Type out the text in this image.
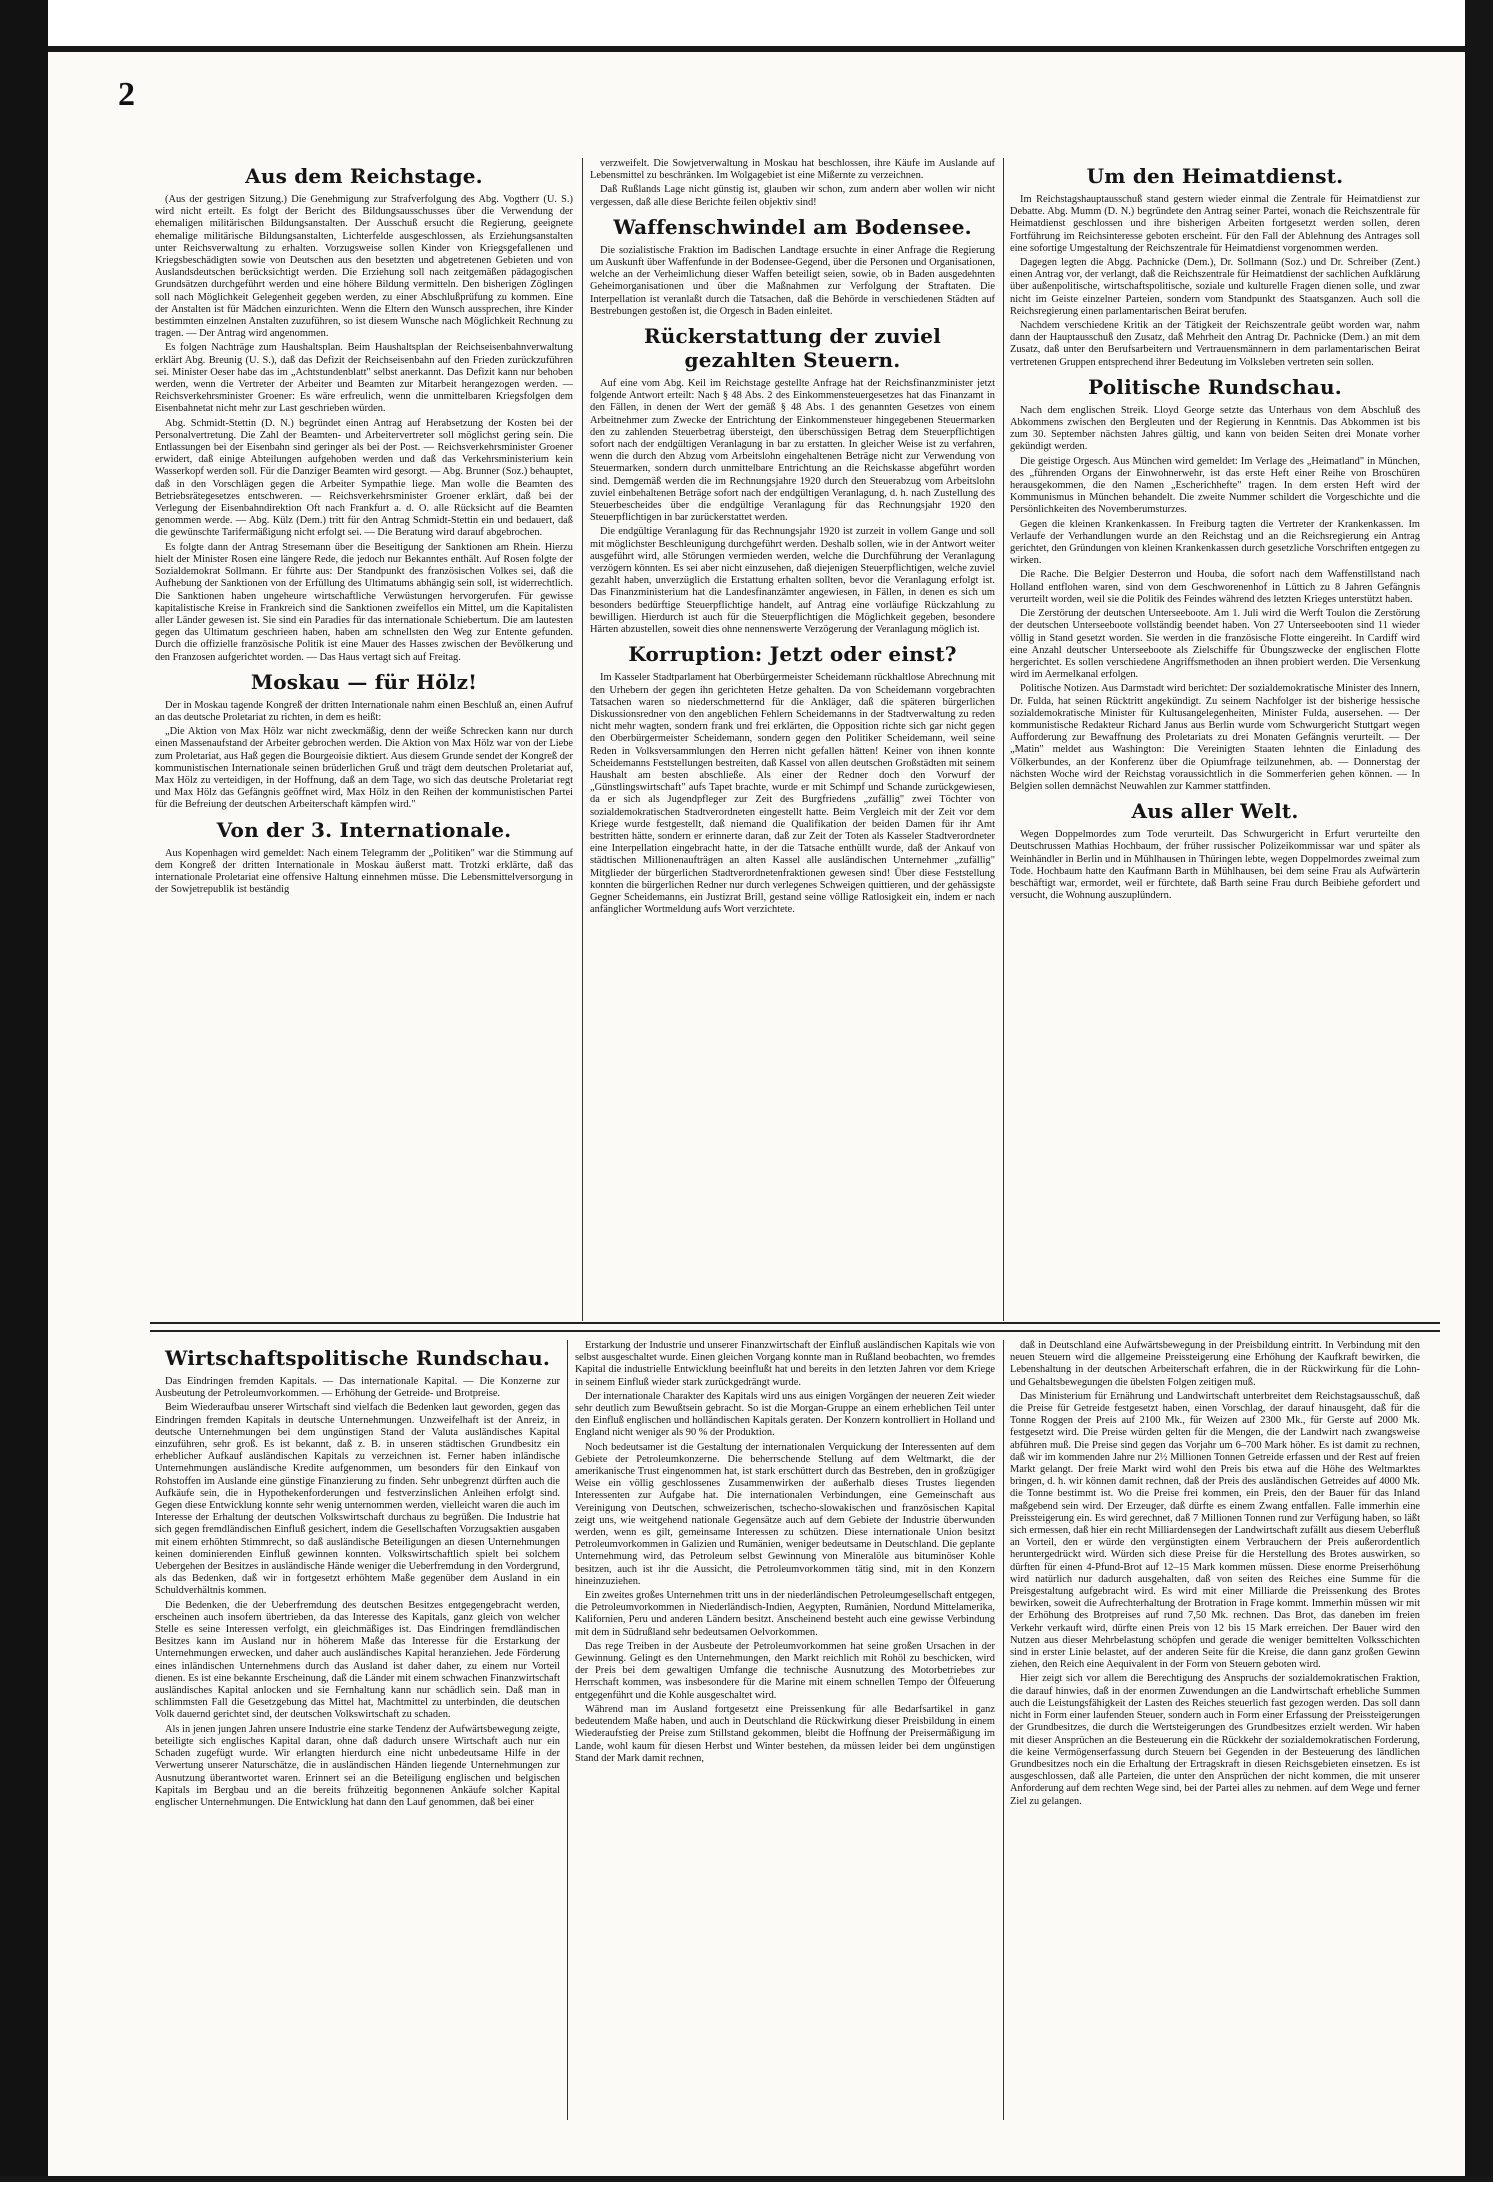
2
Aus dem Reichstage.

(Aus der gestrigen Sitzung.) Die Genehmigung zur Strafverfolgung des Abg. Vogtherr (U. S.) wird nicht erteilt. Es folgt der Bericht des Bildungsausschusses über die Verwendung der ehemaligen militärischen Bildungsanstalten. Der Ausschuß ersucht die Regierung, geeignete ehemalige militärische Bildungsanstalten, Lichterfelde ausgeschlossen, als Erziehungsanstalten unter Reichsverwaltung zu erhalten. Vorzugsweise sollen Kinder von Kriegsgefallenen und Kriegsbeschädigten sowie von Deutschen aus den besetzten und abgetretenen Gebieten und von Auslandsdeutschen berücksichtigt werden. Die Erziehung soll nach zeitgemäßen pädagogischen Grundsätzen durchgeführt werden und eine höhere Bildung vermitteln. Den bisherigen Zöglingen soll nach Möglichkeit Gelegenheit gegeben werden, zu einer Abschlußprüfung zu kommen. Eine der Anstalten ist für Mädchen einzurichten. Wenn die Eltern den Wunsch aussprechen, ihre Kinder bestimmten einzelnen Anstalten zuzuführen, so ist diesem Wunsche nach Möglichkeit Rechnung zu tragen. — Der Antrag wird angenommen.

Es folgen Nachträge zum Haushaltsplan. Beim Haushaltsplan der Reichseisenbahnverwaltung erklärt Abg. Breunig (U. S.), daß das Defizit der Reichseisenbahn auf den Frieden zurückzuführen sei. Minister Oeser habe das im „Achtstundenblatt" selbst anerkannt. Das Defizit kann nur behoben werden, wenn die Vertreter der Arbeiter und Beamten zur Mitarbeit herangezogen werden. — Reichsverkehrsminister Groener: Es wäre erfreulich, wenn die unmittelbaren Kriegsfolgen dem Eisenbahnetat nicht mehr zur Last geschrieben würden.

Abg. Schmidt-Stettin (D. N.) begründet einen Antrag auf Herabsetzung der Kosten bei der Personalvertretung. Die Zahl der Beamten- und Arbeitervertreter soll möglichst gering sein. Die Entlassungen bei der Eisenbahn sind geringer als bei der Post. — Reichsverkehrsminister Groener erwidert, daß einige Abteilungen aufgehoben werden und daß das Verkehrsministerium kein Wasserkopf werden soll. Für die Danziger Beamten wird gesorgt. — Abg. Brunner (Soz.) behauptet, daß in den Vorschlägen gegen die Arbeiter Sympathie liege. Man wolle die Beamten des Betriebsrätegesetzes entschweren. — Reichsverkehrsminister Groener erklärt, daß bei der Verlegung der Eisenbahndirektion Oft nach Frankfurt a. d. O. alle Rücksicht auf die Beamten genommen werde. — Abg. Külz (Dem.) tritt für den Antrag Schmidt-Stettin ein und bedauert, daß die gewünschte Tarifermäßigung nicht erfolgt sei. — Die Beratung wird darauf abgebrochen.

Es folgte dann der Antrag Stresemann über die Beseitigung der Sanktionen am Rhein. Hierzu hielt der Minister Rosen eine längere Rede, die jedoch nur Bekanntes enthält. Auf Rosen folgte der Sozialdemokrat Sollmann. Er führte aus: Der Standpunkt des französischen Volkes sei, daß die Aufhebung der Sanktionen von der Erfüllung des Ultimatums abhängig sein soll, ist widerrechtlich. Die Sanktionen haben ungeheure wirtschaftliche Verwüstungen hervorgerufen. Für gewisse kapitalistische Kreise in Frankreich sind die Sanktionen zweifellos ein Mittel, um die Kapitalisten aller Länder gewesen ist. Sie sind ein Paradies für das internationale Schiebertum. Die am lautesten gegen das Ultimatum geschrieen haben, haben am schnellsten den Weg zur Entente gefunden. Durch die offizielle französische Politik ist eine Mauer des Hasses zwischen der Bevölkerung und den Franzosen aufgerichtet worden. — Das Haus vertagt sich auf Freitag.

Moskau — für Hölz!

Der in Moskau tagende Kongreß der dritten Internationale nahm einen Beschluß an, einen Aufruf an das deutsche Proletariat zu richten, in dem es heißt:

„Die Aktion von Max Hölz war nicht zweckmäßig, denn der weiße Schrecken kann nur durch einen Massenaufstand der Arbeiter gebrochen werden. Die Aktion von Max Hölz war von der Liebe zum Proletariat, aus Haß gegen die Bourgeoisie diktiert. Aus diesem Grunde sendet der Kongreß der kommunistischen Internationale seinen brüderlichen Gruß und trägt dem deutschen Proletariat auf, Max Hölz zu verteidigen, in der Hoffnung, daß an dem Tage, wo sich das deutsche Proletariat regt und Max Hölz das Gefängnis geöffnet wird, Max Hölz in den Reihen der kommunistischen Partei für die Befreiung der deutschen Arbeiterschaft kämpfen wird."

Von der 3. Internationale.

Aus Kopenhagen wird gemeldet: Nach einem Telegramm der „Politiken" war die Stimmung auf dem Kongreß der dritten Internationale in Moskau äußerst matt. Trotzki erklärte, daß das internationale Proletariat eine offensive Haltung einnehmen müsse. Die Lebensmittelversorgung in der Sowjetrepublik ist beständig

verzweifelt. Die Sowjetverwaltung in Moskau hat beschlossen, ihre Käufe im Auslande auf Lebensmittel zu beschränken. Im Wolgagebiet ist eine Mißernte zu verzeichnen.

Daß Rußlands Lage nicht günstig ist, glauben wir schon, zum andern aber wollen wir nicht vergessen, daß alle diese Berichte feilen objektiv sind!

Waffenschwindel am Bodensee.

Die sozialistische Fraktion im Badischen Landtage ersuchte in einer Anfrage die Regierung um Auskunft über Waffenfunde in der Bodensee-Gegend, über die Personen und Organisationen, welche an der Verheimlichung dieser Waffen beteiligt seien, sowie, ob in Baden ausgedehnten Geheimorganisationen und über die Maßnahmen zur Verfolgung der Straftaten. Die Interpellation ist veranlaßt durch die Tatsachen, daß die Behörde in verschiedenen Städten auf Bestrebungen gestoßen ist, die Orgesch in Baden einleitet.

Rückerstattung der zuviel gezahlten Steuern.

Auf eine vom Abg. Keil im Reichstage gestellte Anfrage hat der Reichsfinanzminister jetzt folgende Antwort erteilt: Nach § 48 Abs. 2 des Einkommensteuergesetzes hat das Finanzamt in den Fällen, in denen der Wert der gemäß § 48 Abs. 1 des genannten Gesetzes von einem Arbeitnehmer zum Zwecke der Entrichtung der Einkommensteuer hingegebenen Steuermarken den zu zahlenden Steuerbetrag übersteigt, den überschüssigen Betrag dem Steuerpflichtigen sofort nach der endgültigen Veranlagung in bar zu erstatten. In gleicher Weise ist zu verfahren, wenn die durch den Abzug vom Arbeitslohn eingehaltenen Beträge nicht zur Verwendung von Steuermarken, sondern durch unmittelbare Entrichtung an die Reichskasse abgeführt worden sind. Demgemäß werden die im Rechnungsjahre 1920 durch den Steuerabzug vom Arbeitslohn zuviel einbehaltenen Beträge sofort nach der endgültigen Veranlagung, d. h. nach Zustellung des Steuerbescheides über die endgültige Veranlagung für das Rechnungsjahr 1920 den Steuerpflichtigen in bar zurückerstattet werden.

Die endgültige Veranlagung für das Rechnungsjahr 1920 ist zurzeit in vollem Gange und soll mit möglichster Beschleunigung durchgeführt werden. Deshalb sollen, wie in der Antwort weiter ausgeführt wird, alle Störungen vermieden werden, welche die Durchführung der Veranlagung verzögern könnten. Es sei aber nicht einzusehen, daß diejenigen Steuerpflichtigen, welche zuviel gezahlt haben, unverzüglich die Erstattung erhalten sollten, bevor die Veranlagung erfolgt ist. Das Finanzministerium hat die Landesfinanzämter angewiesen, in Fällen, in denen es sich um besonders bedürftige Steuerpflichtige handelt, auf Antrag eine vorläufige Rückzahlung zu bewilligen. Hierdurch ist auch für die Steuerpflichtigen die Möglichkeit gegeben, besondere Härten abzustellen, soweit dies ohne nennenswerte Verzögerung der Veranlagung möglich ist.

Korruption: Jetzt oder einst?

Im Kasseler Stadtparlament hat Oberbürgermeister Scheidemann rückhaltlose Abrechnung mit den Urhebern der gegen ihn gerichteten Hetze gehalten. Da von Scheidemann vorgebrachten Tatsachen waren so niederschmetternd für die Ankläger, daß die späteren bürgerlichen Diskussionsredner von den angeblichen Fehlern Scheidemanns in der Stadtverwaltung zu reden nicht mehr wagten, sondern frank und frei erklärten, die Opposition richte sich gar nicht gegen den Oberbürgermeister Scheidemann, sondern gegen den Politiker Scheidemann, weil seine Reden in Volksversammlungen den Herren nicht gefallen hätten! Keiner von ihnen konnte Scheidemanns Feststellungen bestreiten, daß Kassel von allen deutschen Großstädten mit seinem Haushalt am besten abschließe. Als einer der Redner doch den Vorwurf der „Günstlingswirtschaft" aufs Tapet brachte, wurde er mit Schimpf und Schande zurückgewiesen, da er sich als Jugendpfleger zur Zeit des Burgfriedens „zufällig" zwei Töchter von sozialdemokratischen Stadtverordneten eingestellt hatte. Beim Vergleich mit der Zeit vor dem Kriege wurde festgestellt, daß niemand die Qualifikation der beiden Damen für ihr Amt bestritten hätte, sondern er erinnerte daran, daß zur Zeit der Toten als Kasseler Stadtverordneter eine Interpellation eingebracht hatte, in der die Tatsache enthüllt wurde, daß der Ankauf von städtischen Millionenaufträgen an alten Kassel alle ausländischen Unternehmer „zufällig" Mitglieder der bürgerlichen Stadtverordnetenfraktionen gewesen sind! Über diese Feststellung konnten die bürgerlichen Redner nur durch verlegenes Schweigen quittieren, und der gehässigste Gegner Scheidemanns, ein Justizrat Brill, gestand seine völlige Ratlosigkeit ein, indem er nach anfänglicher Wortmeldung aufs Wort verzichtete.

Um den Heimatdienst.

Im Reichstagshauptausschuß stand gestern wieder einmal die Zentrale für Heimatdienst zur Debatte. Abg. Mumm (D. N.) begründete den Antrag seiner Partei, wonach die Reichszentrale für Heimatdienst geschlossen und ihre bisherigen Arbeiten fortgesetzt werden sollen, deren Fortführung im Reichsinteresse geboten erscheint. Für den Fall der Ablehnung des Antrages soll eine sofortige Umgestaltung der Reichszentrale für Heimatdienst vorgenommen werden.

Dagegen legten die Abgg. Pachnicke (Dem.), Dr. Sollmann (Soz.) und Dr. Schreiber (Zent.) einen Antrag vor, der verlangt, daß die Reichszentrale für Heimatdienst der sachlichen Aufklärung über außenpolitische, wirtschaftspolitische, soziale und kulturelle Fragen dienen solle, und zwar nicht im Geiste einzelner Parteien, sondern vom Standpunkt des Staatsganzen. Auch soll die Reichsregierung einen parlamentarischen Beirat berufen.

Nachdem verschiedene Kritik an der Tätigkeit der Reichszentrale geübt worden war, nahm dann der Hauptausschuß den Zusatz, daß Mehrheit den Antrag Dr. Pachnicke (Dem.) an mit dem Zusatz, daß unter den Berufsarbeitern und Vertrauensmännern in dem parlamentarischen Beirat vertretenen Gruppen entsprechend ihrer Bedeutung im Volksleben vertreten sein sollen.

Politische Rundschau.

Nach dem englischen Streik. Lloyd George setzte das Unterhaus von dem Abschluß des Abkommens zwischen den Bergleuten und der Regierung in Kenntnis. Das Abkommen ist bis zum 30. September nächsten Jahres gültig, und kann von beiden Seiten drei Monate vorher gekündigt werden.

Die geistige Orgesch. Aus München wird gemeldet: Im Verlage des „Heimatland" in München, des „führenden Organs der Einwohnerwehr, ist das erste Heft einer Reihe von Broschüren herausgekommen, die den Namen „Escherichhefte" tragen. In dem ersten Heft wird der Kommunismus in München behandelt. Die zweite Nummer schildert die Vorgeschichte und die Persönlichkeiten des Novemberumsturzes.

Gegen die kleinen Krankenkassen. In Freiburg tagten die Vertreter der Krankenkassen. Im Verlaufe der Verhandlungen wurde an den Reichstag und an die Reichsregierung ein Antrag gerichtet, den Gründungen von kleinen Krankenkassen durch gesetzliche Vorschriften entgegen zu wirken.

Die Rache. Die Belgier Desterron und Houba, die sofort nach dem Waffenstillstand nach Holland entflohen waren, sind von dem Geschworenenhof in Lüttich zu 8 Jahren Gefängnis verurteilt worden, weil sie die Politik des Feindes während des letzten Krieges unterstützt haben.

Die Zerstörung der deutschen Unterseeboote. Am 1. Juli wird die Werft Toulon die Zerstörung der deutschen Unterseeboote vollständig beendet haben. Von 27 Unterseebooten sind 11 wieder völlig in Stand gesetzt worden. Sie werden in die französische Flotte eingereiht. In Cardiff wird eine Anzahl deutscher Unterseeboote als Zielschiffe für Übungszwecke der englischen Flotte hergerichtet. Es sollen verschiedene Angriffsmethoden an ihnen probiert werden. Die Versenkung wird im Aermelkanal erfolgen.

Politische Notizen. Aus Darmstadt wird berichtet: Der sozialdemokratische Minister des Innern, Dr. Fulda, hat seinen Rücktritt angekündigt. Zu seinem Nachfolger ist der bisherige hessische sozialdemokratische Minister für Kultusangelegenheiten, Minister Fulda, ausersehen. — Der kommunistische Redakteur Richard Janus aus Berlin wurde vom Schwurgericht Stuttgart wegen Aufforderung zur Bewaffnung des Proletariats zu drei Monaten Gefängnis verurteilt. — Der „Matin" meldet aus Washington: Die Vereinigten Staaten lehnten die Einladung des Völkerbundes, an der Konferenz über die Opiumfrage teilzunehmen, ab. — Donnerstag der nächsten Woche wird der Reichstag voraussichtlich in die Sommerferien gehen können. — In Belgien sollen demnächst Neuwahlen zur Kammer stattfinden.

Aus aller Welt.

Wegen Doppelmordes zum Tode verurteilt. Das Schwurgericht in Erfurt verurteilte den Deutschrussen Mathias Hochbaum, der früher russischer Polizeikommissar war und später als Weinhändler in Berlin und in Mühlhausen in Thüringen lebte, wegen Doppelmordes zweimal zum Tode. Hochbaum hatte den Kaufmann Barth in Mühlhausen, bei dem seine Frau als Aufwärterin beschäftigt war, ermordet, weil er fürchtete, daß Barth seine Frau durch Beibiehe gefordert und versucht, die Wohnung auszuplündern.

Wirtschaftspolitische Rundschau.

Das Eindringen fremden Kapitals. — Das internationale Kapital. — Die Konzerne zur Ausbeutung der Petroleumvorkommen. — Erhöhung der Getreide- und Brotpreise.

Beim Wiederaufbau unserer Wirtschaft sind vielfach die Bedenken laut geworden, gegen das Eindringen fremden Kapitals in deutsche Unternehmungen. Unzweifelhaft ist der Anreiz, in deutsche Unternehmungen bei dem ungünstigen Stand der Valuta ausländisches Kapital einzuführen, sehr groß. Es ist bekannt, daß z. B. in unseren städtischen Grundbesitz ein erheblicher Aufkauf ausländischen Kapitals zu verzeichnen ist. Ferner haben inländische Unternehmungen ausländische Kredite aufgenommen, um besonders für den Einkauf von Rohstoffen im Auslande eine günstige Finanzierung zu finden. Sehr unbegrenzt dürften auch die Aufkäufe sein, die in Hypothekenforderungen und festverzinslichen Anleihen erfolgt sind. Gegen diese Entwicklung konnte sehr wenig unternommen werden, vielleicht waren die auch im Interesse der Erhaltung der deutschen Volkswirtschaft durchaus zu begrüßen. Die Industrie hat sich gegen fremdländischen Einfluß gesichert, indem die Gesellschaften Vorzugsaktien ausgaben mit einem erhöhten Stimmrecht, so daß ausländische Beteiligungen an diesen Unternehmungen keinen dominierenden Einfluß gewinnen konnten. Volkswirtschaftlich spielt bei solchem Uebergehen der Besitzes in ausländische Hände weniger die Ueberfremdung in den Vordergrund, als das Bedenken, daß wir in fortgesetzt erhöhtem Maße gegenüber dem Ausland in ein Schuldverhältnis kommen.

Die Bedenken, die der Ueberfremdung des deutschen Besitzes entgegengebracht werden, erscheinen auch insofern übertrieben, da das Interesse des Kapitals, ganz gleich von welcher Stelle es seine Interessen verfolgt, ein gleichmäßiges ist. Das Eindringen fremdländischen Besitzes kann im Ausland nur in höherem Maße das Interesse für die Erstarkung der Unternehmungen erwecken, und daher auch ausländisches Kapital heranziehen. Jede Förderung eines inländischen Unternehmens durch das Ausland ist daher daher, zu einem nur Vorteil dienen. Es ist eine bekannte Erscheinung, daß die Länder mit einem schwachen Finanzwirtschaft ausländisches Kapital anlocken und sie Fernhaltung kann nur schädlich sein. Daß man in schlimmsten Fall die Gesetzgebung das Mittel hat, Machtmittel zu unterbinden, die deutschen Volk dauernd gerichtet sind, der deutschen Volkswirtschaft zu schaden.

Als in jenen jungen Jahren unsere Industrie eine starke Tendenz der Aufwärtsbewegung zeigte, beteiligte sich englisches Kapital daran, ohne daß dadurch unsere Wirtschaft auch nur ein Schaden zugefügt wurde. Wir erlangten hierdurch eine nicht unbedeutsame Hilfe in der Verwertung unserer Naturschätze, die in ausländischen Händen liegende Unternehmungen zur Ausnutzung überantwortet waren. Erinnert sei an die Beteiligung englischen und belgischen Kapitals im Bergbau und an die bereits frühzeitig begonnenen Ankäufe solcher Kapital englischer Unternehmungen. Die Entwicklung hat dann den Lauf genommen, daß bei einer

Erstarkung der Industrie und unserer Finanzwirtschaft der Einfluß ausländischen Kapitals wie von selbst ausgeschaltet wurde. Einen gleichen Vorgang konnte man in Rußland beobachten, wo fremdes Kapital die industrielle Entwicklung beeinflußt hat und bereits in den letzten Jahren vor dem Kriege in seinem Einfluß wieder stark zurückgedrängt wurde.

Der internationale Charakter des Kapitals wird uns aus einigen Vorgängen der neueren Zeit wieder sehr deutlich zum Bewußtsein gebracht. So ist die Morgan-Gruppe an einem erheblichen Teil unter den Einfluß englischen und holländischen Kapitals geraten. Der Konzern kontrolliert in Holland und England nicht weniger als 90 % der Produktion.

Noch bedeutsamer ist die Gestaltung der internationalen Verquickung der Interessenten auf dem Gebiete der Petroleumkonzerne. Die beherrschende Stellung auf dem Weltmarkt, die der amerikanische Trust eingenommen hat, ist stark erschüttert durch das Bestreben, den in großzügiger Weise ein völlig geschlossenes Zusammenwirken der außerhalb dieses Trustes liegenden Interessenten zur Aufgabe hat. Die internationalen Verbindungen, eine Gemeinschaft aus Vereinigung von Deutschen, schweizerischen, tschecho-slowakischen und französischen Kapital zeigt uns, wie weitgehend nationale Gegensätze auch auf dem Gebiete der Industrie überwunden werden, wenn es gilt, gemeinsame Interessen zu schützen. Diese internationale Union besitzt Petroleumvorkommen in Galizien und Rumänien, weniger bedeutsame in Deutschland. Die geplante Unternehmung wird, das Petroleum selbst Gewinnung von Mineralöle aus bituminöser Kohle besitzen, auch ist ihr die Aussicht, die Petroleumvorkommen tätig sind, mit in den Konzern hineinzuziehen.

Ein zweites großes Unternehmen tritt uns in der niederländischen Petroleumgesellschaft entgegen, die Petroleumvorkommen in Niederländisch-Indien, Aegypten, Rumänien, Nordund Mittelamerika, Kalifornien, Peru und anderen Ländern besitzt. Anscheinend besteht auch eine gewisse Verbindung mit dem in Südrußland sehr bedeutsamen Oelvorkommen.

Das rege Treiben in der Ausbeute der Petroleumvorkommen hat seine großen Ursachen in der Gewinnung. Gelingt es den Unternehmungen, den Markt reichlich mit Rohöl zu beschicken, wird der Preis bei dem gewaltigen Umfange die technische Ausnutzung des Motorbetriebes zur Herrschaft kommen, was insbesondere für die Marine mit einem schnellen Tempo der Ölfeuerung entgegenführt und die Kohle ausgeschaltet wird.

Während man im Ausland fortgesetzt eine Preissenkung für alle Bedarfsartikel in ganz bedeutendem Maße haben, und auch in Deutschland die Rückwirkung dieser Preisbildung in einem Wiederaufstieg der Preise zum Stillstand gekommen, bleibt die Hoffnung der Preisermäßigung im Lande, wohl kaum für diesen Herbst und Winter bestehen, da müssen leider bei dem ungünstigen Stand der Mark damit rechnen,

daß in Deutschland eine Aufwärtsbewegung in der Preisbildung eintritt. In Verbindung mit den neuen Steuern wird die allgemeine Preissteigerung eine Erhöhung der Kaufkraft bewirken, die Lebenshaltung in der deutschen Arbeiterschaft erfahren, die in der Rückwirkung für die Lohn- und Gehaltsbewegungen die übelsten Folgen zeitigen muß.

Das Ministerium für Ernährung und Landwirtschaft unterbreitet dem Reichstagsausschuß, daß die Preise für Getreide festgesetzt haben, einen Vorschlag, der darauf hinausgeht, daß für die Tonne Roggen der Preis auf 2100 Mk., für Weizen auf 2300 Mk., für Gerste auf 2000 Mk. festgesetzt wird. Die Preise würden gelten für die Mengen, die der Landwirt nach zwangsweise abführen muß. Die Preise sind gegen das Vorjahr um 6–700 Mark höher. Es ist damit zu rechnen, daß wir im kommenden Jahre nur 2½ Millionen Tonnen Getreide erfassen und der Rest auf freien Markt gelangt. Der freie Markt wird wohl den Preis bis etwa auf die Höhe des Weltmarktes bringen, d. h. wir können damit rechnen, daß der Preis des ausländischen Getreides auf 4000 Mk. die Tonne bestimmt ist. Wo die Preise frei kommen, ein Preis, den der Bauer für das Inland maßgebend sein wird. Der Erzeuger, daß dürfte es einem Zwang entfallen. Falle immerhin eine Preissteigerung ein. Es wird gerechnet, daß 7 Millionen Tonnen rund zur Verfügung haben, so läßt sich ermessen, daß hier ein recht Milliardensegen der Landwirtschaft zufällt aus diesem Ueberfluß an Vorteil, den er würde den vergünstigten einem Verbrauchern der Preis außerordentlich heruntergedrückt wird. Würden sich diese Preise für die Herstellung des Brotes auswirken, so dürften für einen 4-Pfund-Brot auf 12–15 Mark kommen müssen. Diese enorme Preiserhöhung wird natürlich nur dadurch ausgehalten, daß von seiten des Reiches eine Summe für die Preisgestaltung aufgebracht wird. Es wird mit einer Milliarde die Preissenkung des Brotes bewirken, soweit die Aufrechterhaltung der Brotration in Frage kommt. Immerhin müssen wir mit der Erhöhung des Brotpreises auf rund 7,50 Mk. rechnen. Das Brot, das daneben im freien Verkehr verkauft wird, dürfte einen Preis von 12 bis 15 Mark erreichen. Der Bauer wird den Nutzen aus dieser Mehrbelastung schöpfen und gerade die weniger bemittelten Volksschichten sind in erster Linie belastet, auf der anderen Seite für die Kreise, die dann ganz großen Gewinn ziehen, den Reich eine Aequivalent in der Form von Steuern geboten wird.

Hier zeigt sich vor allem die Berechtigung des Anspruchs der sozialdemokratischen Fraktion, die darauf hinwies, daß in der enormen Zuwendungen an die Landwirtschaft erhebliche Summen auch die Leistungsfähigkeit der Lasten des Reiches steuerlich fast gezogen werden. Das soll dann nicht in Form einer laufenden Steuer, sondern auch in Form einer Erfassung der Preissteigerungen der Grundbesitzes, die durch die Wertsteigerungen des Grundbesitzes erzielt werden. Wir haben mit dieser Ansprüchen an die Besteuerung ein die Rückkehr der sozialdemokratischen Forderung, die keine Vermögenserfassung durch Steuern bei Gegenden in der Besteuerung des ländlichen Grundbesitzes noch ein die Erhaltung der Ertragskraft in diesen Reichsgebieten einsetzen. Es ist ausgeschlossen, daß alle Parteien, die unter den Ansprüchen der nicht kommen, die mit unserer Anforderung auf dem rechten Wege sind, bei der Partei alles zu nehmen. auf dem Wege und ferner Ziel zu gelangen.
